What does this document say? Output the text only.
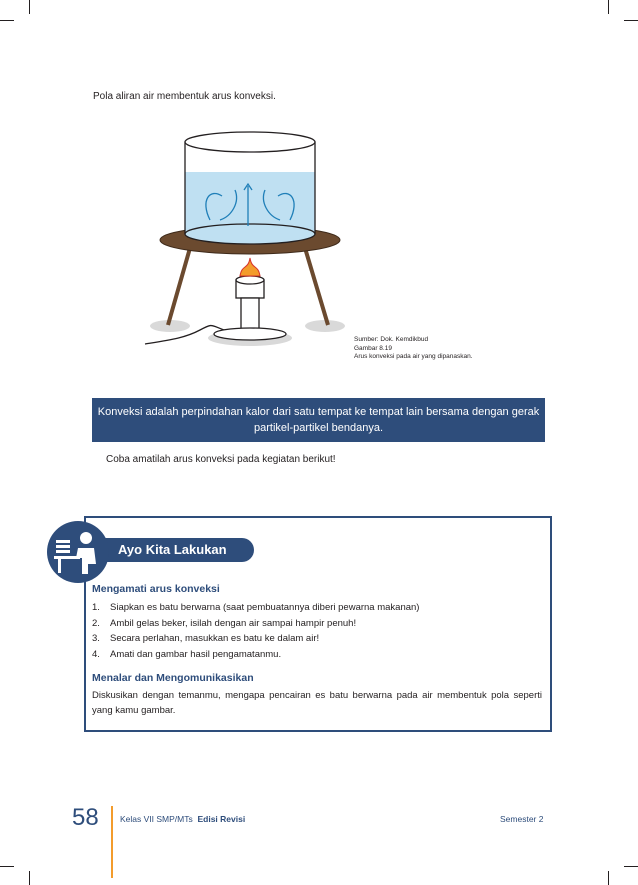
Pola aliran air membentuk arus konveksi.
Sumber: Dok. Kemdikbud
Gambar 8.19
Arus konveksi pada air yang dipanaskan.
Konveksi adalah perpindahan kalor dari satu tempat ke tempat lain bersama dengan gerak partikel-partikel bendanya.
Coba amatilah arus konveksi pada kegiatan berikut!
Ayo Kita Lakukan
Mengamati arus konveksi
1. Siapkan es batu berwarna (saat pembuatannya diberi pewarna makanan)
2. Ambil gelas beker, isilah dengan air sampai hampir penuh!
3. Secara perlahan, masukkan es batu ke dalam air!
4. Amati dan gambar hasil pengamatanmu.
Menalar dan Mengomunikasikan
Diskusikan dengan temanmu, mengapa pencairan es batu berwarna pada air membentuk pola seperti yang kamu gambar.
58	Kelas VII SMP/MTs Edisi Revisi	Semester 2
